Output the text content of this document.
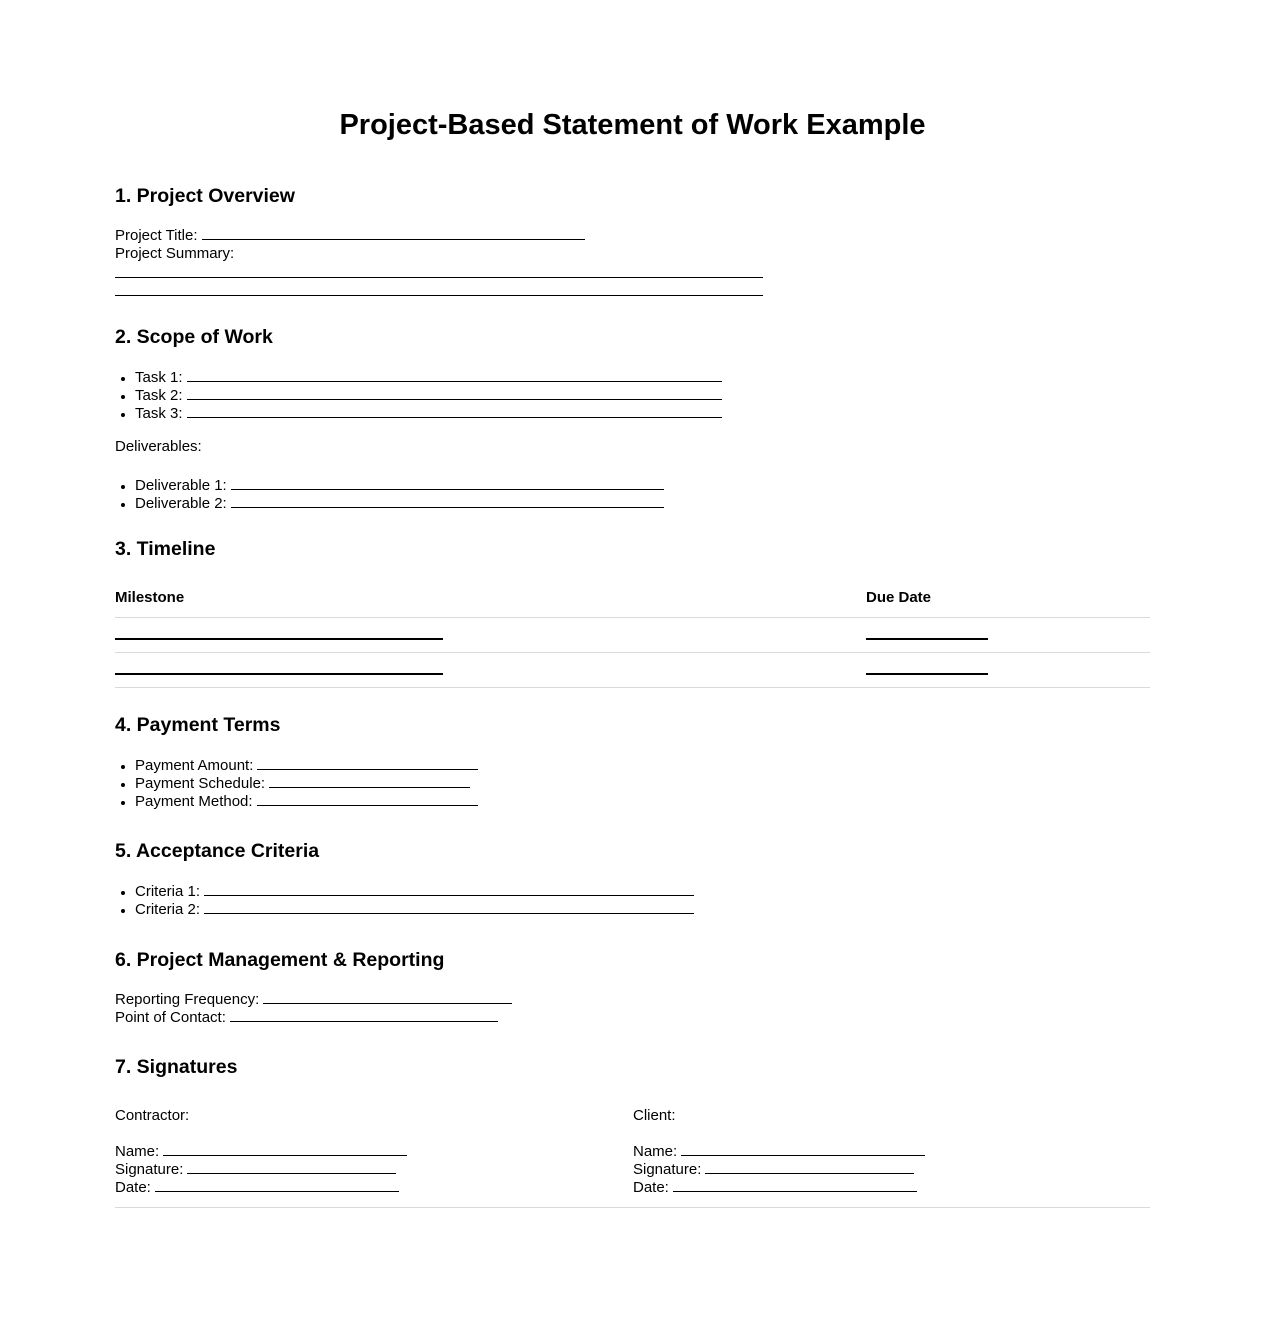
Project-Based Statement of Work Example
1. Project Overview
Project Title:
Project Summary:
2. Scope of Work
• Task 1:
• Task 2:
• Task 3:
Deliverables:
• Deliverable 1:
• Deliverable 2:
3. Timeline
Milestone	Due Date
4. Payment Terms
• Payment Amount:
• Payment Schedule:
• Payment Method:
5. Acceptance Criteria
• Criteria 1:
• Criteria 2:
6. Project Management & Reporting
Reporting Frequency:
Point of Contact:
7. Signatures
Contractor:
Name:
Signature:
Date:
Client:
Name:
Signature:
Date:
